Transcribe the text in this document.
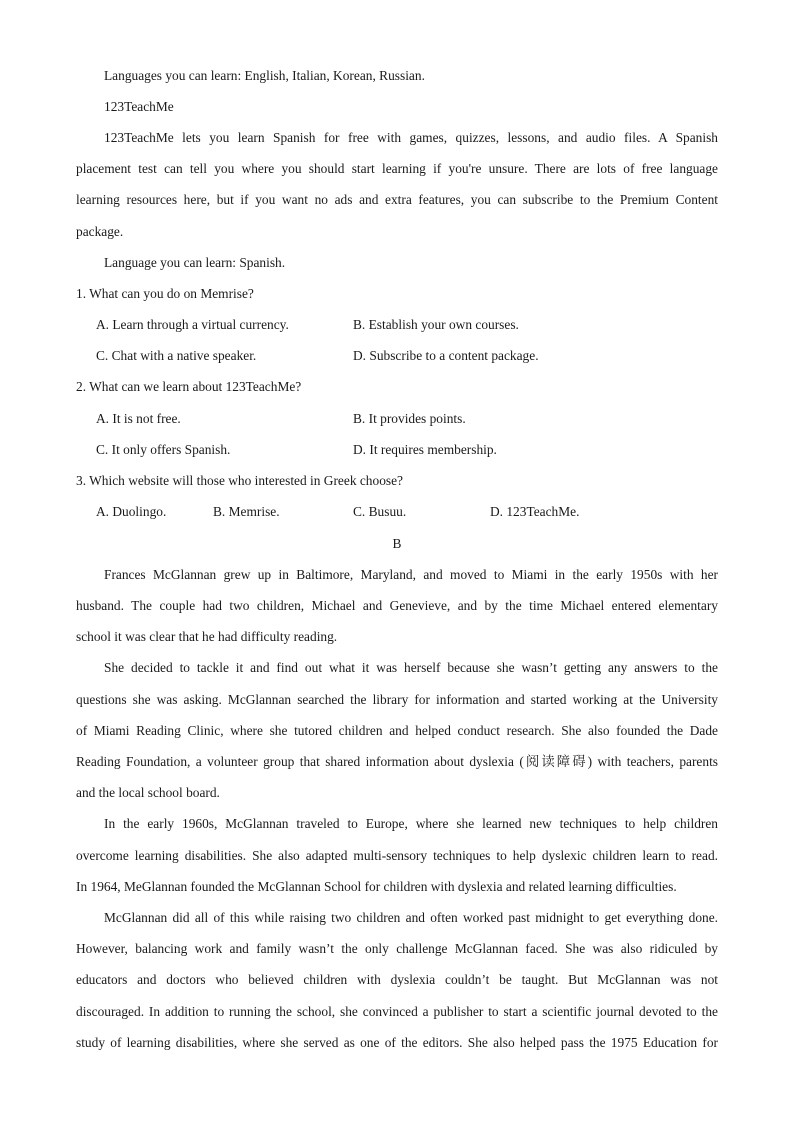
Languages you can learn: English, Italian, Korean, Russian.
123TeachMe
123TeachMe lets you learn Spanish for free with games, quizzes, lessons, and audio files. A Spanish
placement test can tell you where you should start learning if you're unsure. There are lots of free language
learning resources here, but if you want no ads and extra features, you can subscribe to the Premium Content
package.
Language you can learn: Spanish.
1. What can you do on Memrise?
A. Learn through a virtual currency.	B. Establish your own courses.
C. Chat with a native speaker.	D. Subscribe to a content package.
2. What can we learn about 123TeachMe?
A. It is not free.	B. It provides points.
C. It only offers Spanish.	D. It requires membership.
3. Which website will those who interested in Greek choose?
A. Duolingo.	B. Memrise.	C. Busuu.	D. 123TeachMe.
B
Frances McGlannan grew up in Baltimore, Maryland, and moved to Miami in the early 1950s with her
husband. The couple had two children, Michael and Genevieve, and by the time Michael entered elementary
school it was clear that he had difficulty reading.
She decided to tackle it and find out what it was herself because she wasn’t getting any answers to the
questions she was asking. McGlannan searched the library for information and started working at the University
of Miami Reading Clinic, where she tutored children and helped conduct research. She also founded the Dade
Reading Foundation, a volunteer group that shared information about dyslexia (阅读障碍) with teachers, parents
and the local school board.
In the early 1960s, McGlannan traveled to Europe, where she learned new techniques to help children
overcome learning disabilities. She also adapted multi-sensory techniques to help dyslexic children learn to read.
In 1964, MeGlannan founded the McGlannan School for children with dyslexia and related learning difficulties.
McGlannan did all of this while raising two children and often worked past midnight to get everything done.
However, balancing work and family wasn’t the only challenge McGlannan faced. She was also ridiculed by
educators and doctors who believed children with dyslexia couldn’t be taught. But McGlannan was not
discouraged. In addition to running the school, she convinced a publisher to start a scientific journal devoted to the
study of learning disabilities, where she served as one of the editors. She also helped pass the 1975 Education for
